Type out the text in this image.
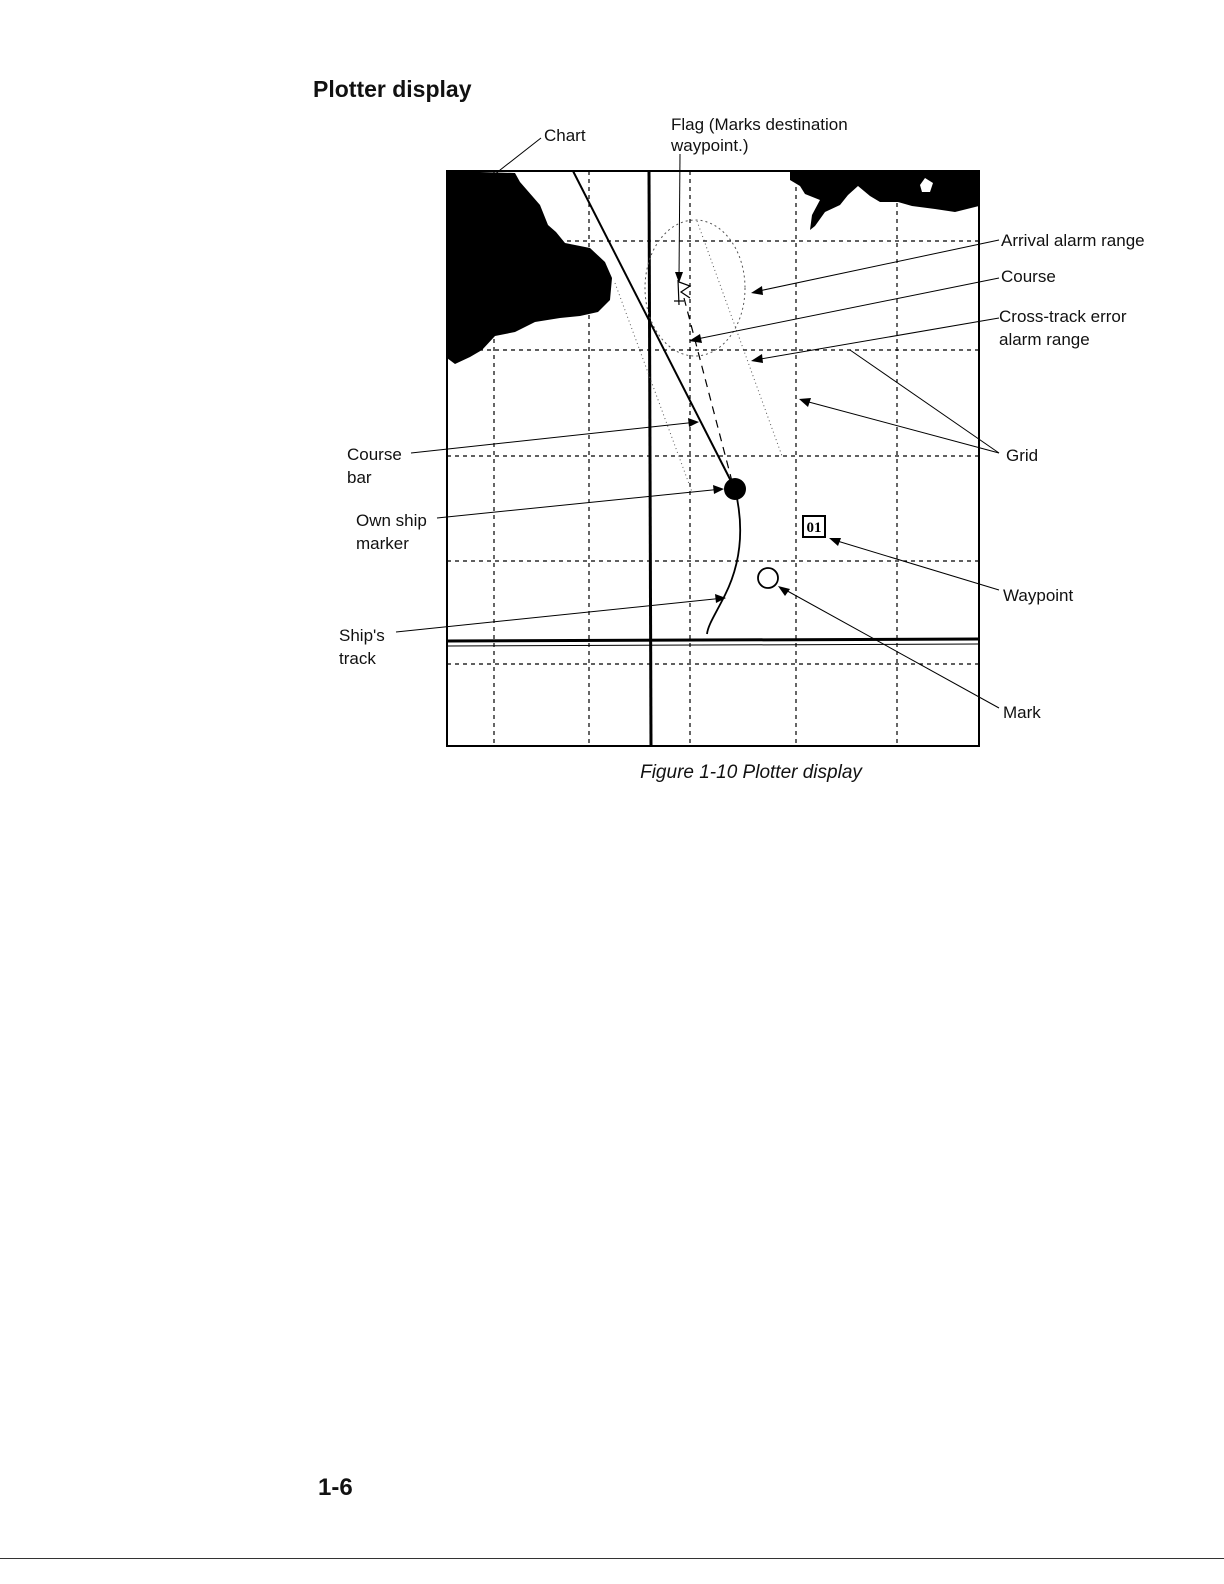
Plotter display
01
Chart
Flag (Marks destination
waypoint.)
Arrival alarm range
Course
Cross-track error
alarm range
Grid
Course
bar
Own ship
marker
Waypoint
Ship's
track
Mark
Figure 1-10 Plotter display
1-6
